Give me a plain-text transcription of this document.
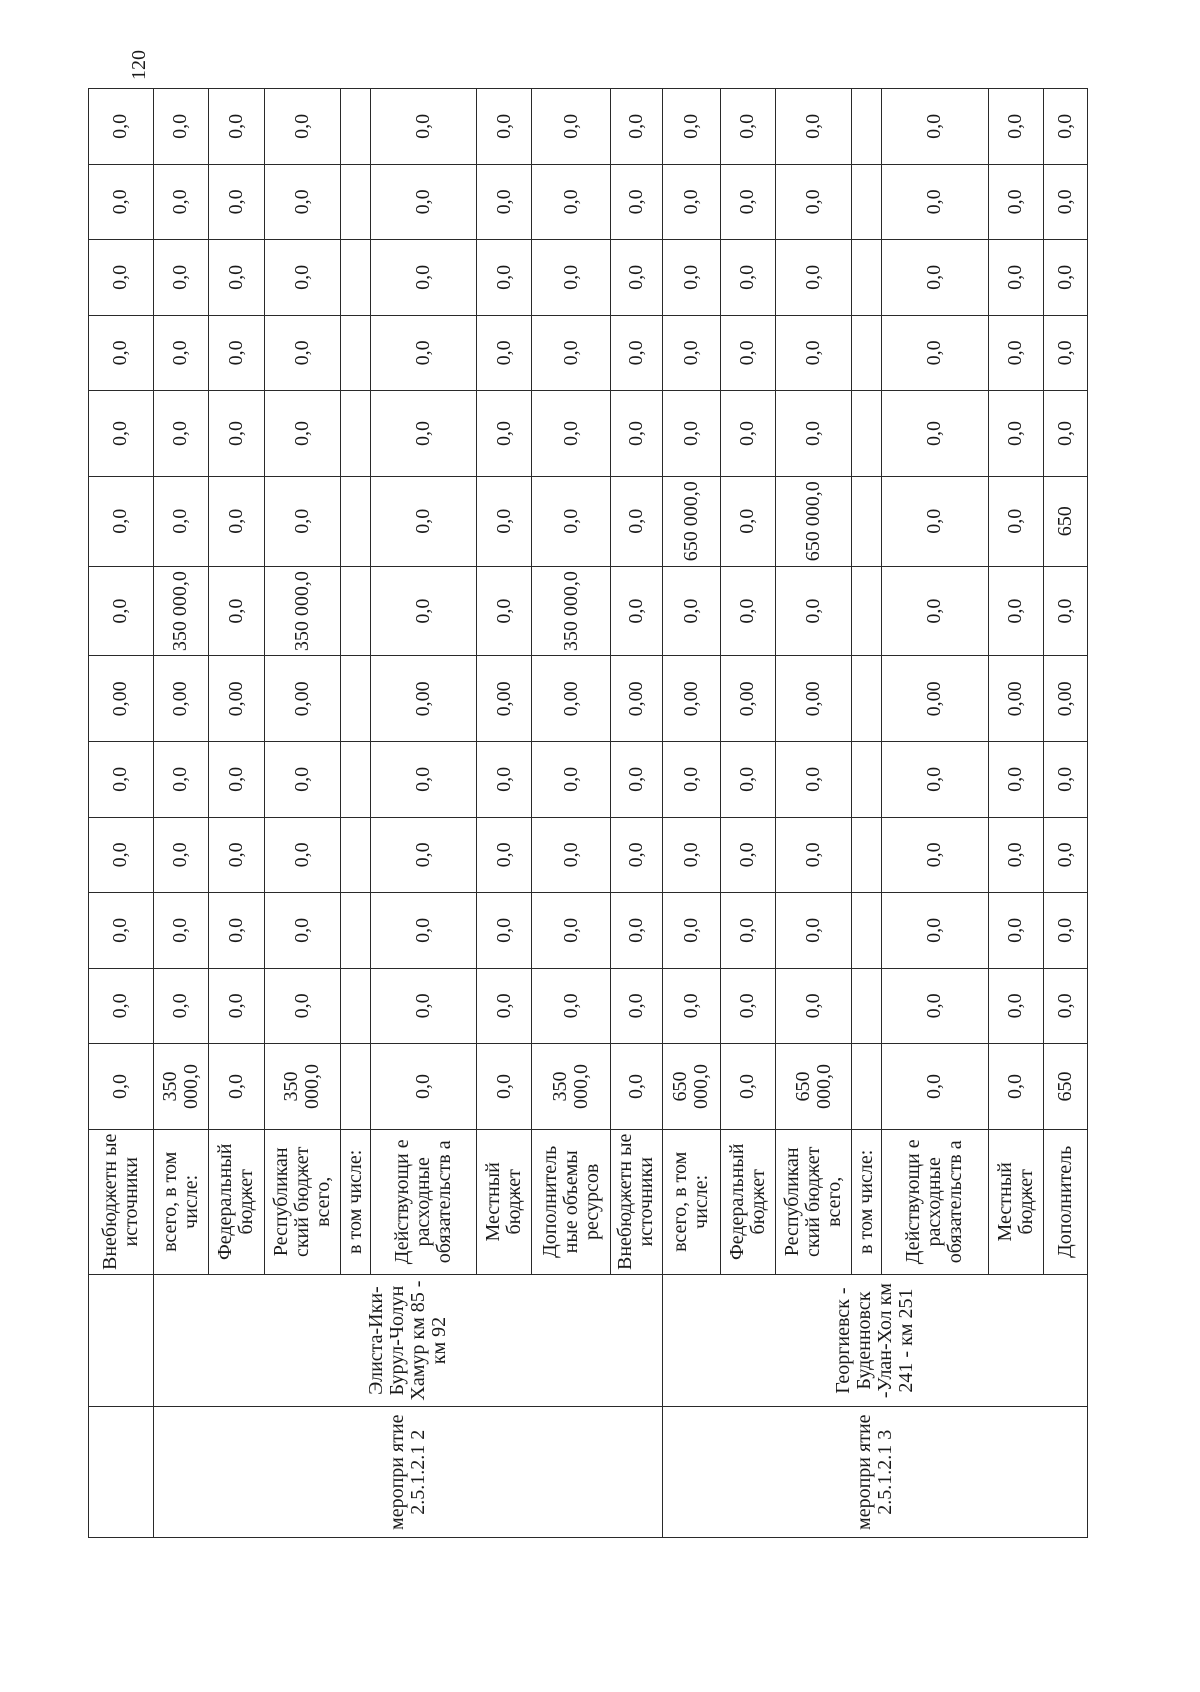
		Внебюджетн ые источники	0,0	0,0	0,0	0,0	0,0	0,00	0,0	0,0	0,0	0,0	0,0	0,0	0,0
меропри ятие 2.5.1.2.1 2	Элиста-Ики-Бурул-Чолун Хамур км 85 - км 92	всего, в том числе:	350 000,0	0,0	0,0	0,0	0,0	0,00	350 000,0	0,0	0,0	0,0	0,0	0,0	0,0
		Федеральный бюджет	0,0	0,0	0,0	0,0	0,0	0,00	0,0	0,0	0,0	0,0	0,0	0,0	0,0
		Республикан ский бюджет всего,	350 000,0	0,0	0,0	0,0	0,0	0,00	350 000,0	0,0	0,0	0,0	0,0	0,0	0,0
		в том числе:													
		Действующи е расходные обязательств а	0,0	0,0	0,0	0,0	0,0	0,00	0,0	0,0	0,0	0,0	0,0	0,0	0,0
		Местный бюджет	0,0	0,0	0,0	0,0	0,0	0,00	0,0	0,0	0,0	0,0	0,0	0,0	0,0
		Дополнитель ные объемы ресурсов	350 000,0	0,0	0,0	0,0	0,0	0,00	350 000,0	0,0	0,0	0,0	0,0	0,0	0,0
		Внебюджетн ые источники	0,0	0,0	0,0	0,0	0,0	0,00	0,0	0,0	0,0	0,0	0,0	0,0	0,0
меропри ятие 2.5.1.2.1 3	Георгиевск - Буденновск -Улан-Хол км 241 - км 251	всего, в том числе:	650 000,0	0,0	0,0	0,0	0,0	0,00	0,0	650 000,0	0,0	0,0	0,0	0,0	0,0
		Федеральный бюджет	0,0	0,0	0,0	0,0	0,0	0,00	0,0	0,0	0,0	0,0	0,0	0,0	0,0
		Республикан ский бюджет всего,	650 000,0	0,0	0,0	0,0	0,0	0,00	0,0	650 000,0	0,0	0,0	0,0	0,0	0,0
		в том числе:													
		Действующи е расходные обязательств а	0,0	0,0	0,0	0,0	0,0	0,00	0,0	0,0	0,0	0,0	0,0	0,0	0,0
		Местный бюджет	0,0	0,0	0,0	0,0	0,0	0,00	0,0	0,0	0,0	0,0	0,0	0,0	0,0
		Дополнитель	650	0,0	0,0	0,0	0,0	0,00	0,0	650	0,0	0,0	0,0	0,0	0,0
120
